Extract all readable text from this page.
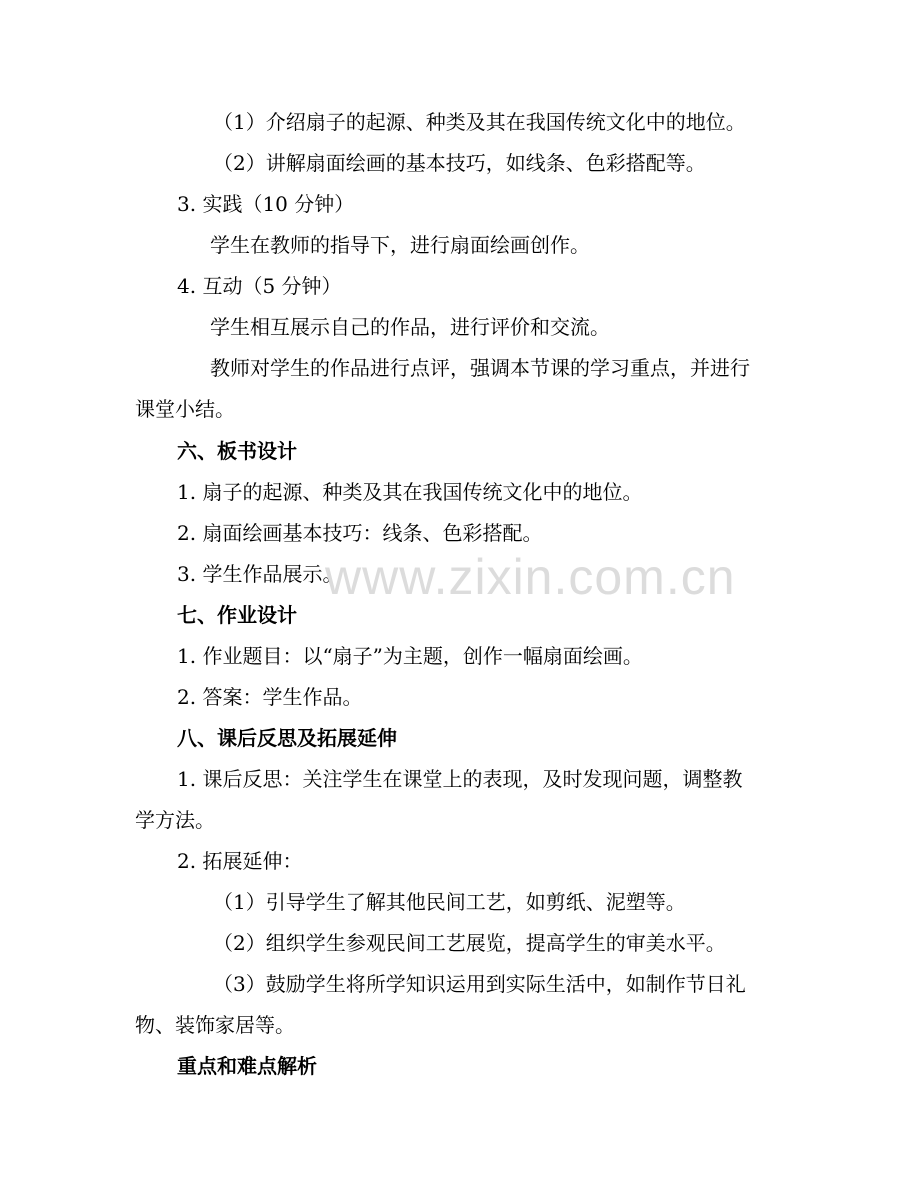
（1）介绍扇子的起源、种类及其在我国传统文化中的地位。
（2）讲解扇面绘画的基本技巧，如线条、色彩搭配等。
3. 实践（10 分钟）
学生在教师的指导下，进行扇面绘画创作。
4. 互动（5 分钟）
学生相互展示自己的作品，进行评价和交流。
教师对学生的作品进行点评，强调本节课的学习重点，并进行
课堂小结。
六、板书设计
1. 扇子的起源、种类及其在我国传统文化中的地位。
2. 扇面绘画基本技巧：线条、色彩搭配。
3. 学生作品展示。
七、作业设计
1. 作业题目：以“扇子”为主题，创作一幅扇面绘画。
2. 答案：学生作品。
八、课后反思及拓展延伸
1. 课后反思：关注学生在课堂上的表现，及时发现问题，调整教
学方法。
2. 拓展延伸：
（1）引导学生了解其他民间工艺，如剪纸、泥塑等。
（2）组织学生参观民间工艺展览，提高学生的审美水平。
（3）鼓励学生将所学知识运用到实际生活中，如制作节日礼
物、装饰家居等。
重点和难点解析
www.zixin.com.cn
